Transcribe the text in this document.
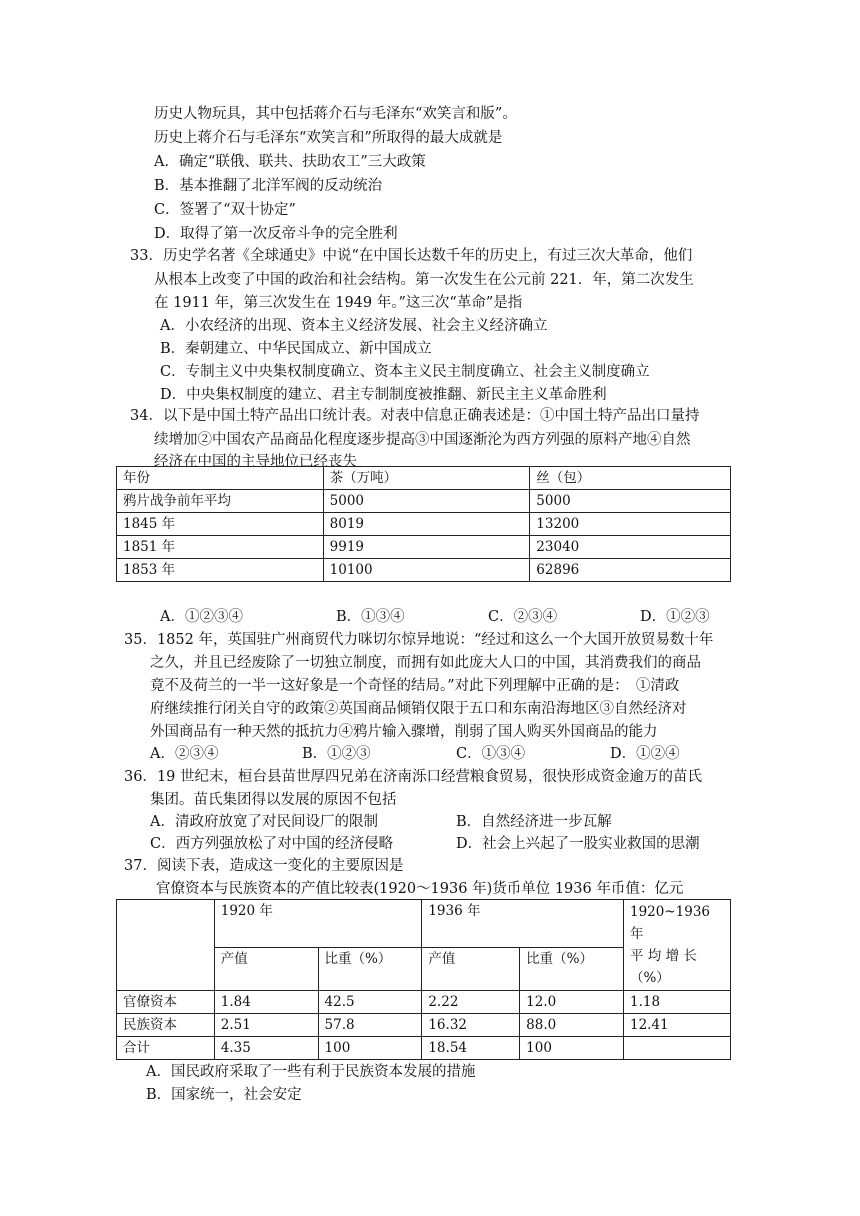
历史人物玩具，其中包括蒋介石与毛泽东“欢笑言和版”。
历史上蒋介石与毛泽东“欢笑言和”所取得的最大成就是
A．确定“联俄、联共、扶助农工”三大政策
B．基本推翻了北洋军阀的反动统治
C．签署了“双十协定”
D．取得了第一次反帝斗争的完全胜利
33．历史学名著《全球通史》中说“在中国长达数千年的历史上，有过三次大革命，他们
从根本上改变了中国的政治和社会结构。第一次发生在公元前 221．年，第二次发生
在 1911 年，第三次发生在 1949 年。”这三次“革命”是指
A．小农经济的出现、资本主义经济发展、社会主义经济确立
B．秦朝建立、中华民国成立、新中国成立
C．专制主义中央集权制度确立、资本主义民主制度确立、社会主义制度确立
D．中央集权制度的建立、君主专制制度被推翻、新民主主义革命胜利
34．以下是中国土特产品出口统计表。对表中信息正确表述是：①中国土特产品出口量持
续增加②中国农产品商品化程度逐步提高③中国逐渐沦为西方列强的原料产地④自然
经济在中国的主导地位已经丧失
年份	茶（万吨）	丝（包）
鸦片战争前年平均	5000	5000
1845 年	8019	13200
1851 年	9919	23040
1853 年	10100	62896
A．①②③④	B．①③④	C．②③④	D．①②③
35．1852 年，英国驻广州商贸代力咪切尔惊异地说：“经过和这么一个大国开放贸易数十年
之久，并且已经废除了一切独立制度，而拥有如此庞大人口的中国，其消费我们的商品
竟不及荷兰的一半一这好象是一个奇怪的结局。”对此下列理解中正确的是：　①清政
府继续推行闭关自守的政策②英国商品倾销仅限于五口和东南沿海地区③自然经济对
外国商品有一种天然的抵抗力④鸦片输入骤增，削弱了国人购买外国商品的能力
A．②③④	B．①②③	C．①③④	D．①②④
36．19 世纪末，桓台县苗世厚四兄弟在济南泺口经营粮食贸易，很快形成资金逾万的苗氏
集团。苗氏集团得以发展的原因不包括
A．清政府放宽了对民间设厂的限制	B．自然经济进一步瓦解
C．西方列强放松了对中国的经济侵略	D．社会上兴起了一股实业救国的思潮
37．阅读下表，造成这一变化的主要原因是
官僚资本与民族资本的产值比较表(1920～1936 年)货币单位 1936 年币值：亿元
	1920 年		1936 年		1920~1936 年
平 均 增 长
（%）

	产值	比重（%）	产值	比重（%）	
官僚资本	1.84	42.5	2.22	12.0	1.18
民族资本	2.51	57.8	16.32	88.0	12.41
合计	4.35	100	18.54	100	
A．国民政府采取了一些有利于民族资本发展的措施
B．国家统一，社会安定
